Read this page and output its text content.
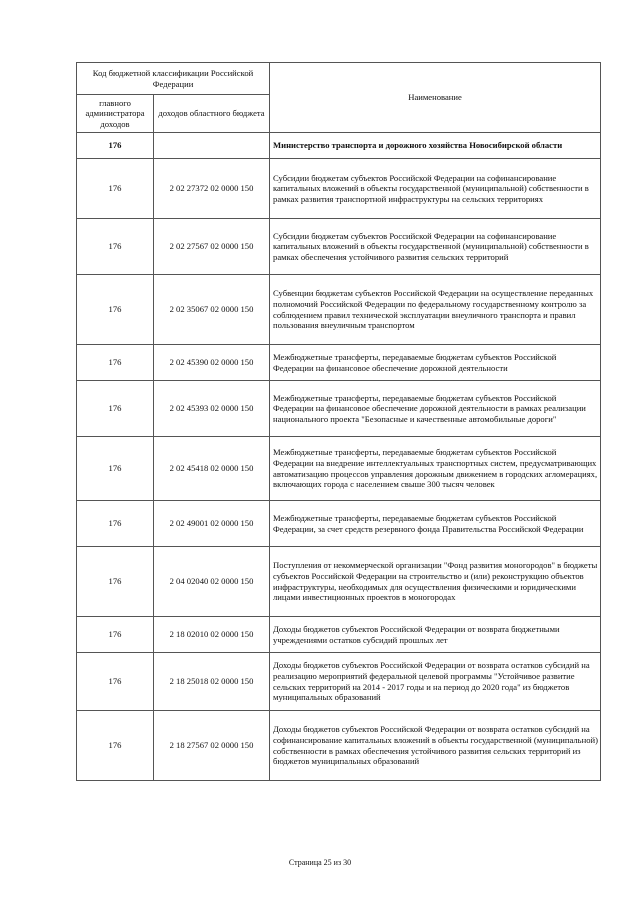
Код бюджетной классификации Российской Федерации		Наименование
главного администратора доходов	доходов областного бюджета	
176		Министерство транспорта и дорожного хозяйства Новосибирской области
176	2 02 27372 02 0000 150	Субсидии бюджетам субъектов Российской Федерации на софинансирование капитальных вложений в объекты государственной (муниципальной) собственности в рамках развития транспортной инфраструктуры на сельских территориях
176	2 02 27567 02 0000 150	Субсидии бюджетам субъектов Российской Федерации на софинансирование капитальных вложений в объекты государственной (муниципальной) собственности в рамках обеспечения устойчивого развития сельских территорий
176	2 02 35067 02 0000 150	Субвенции бюджетам субъектов Российской Федерации на осуществление переданных полномочий Российской Федерации по федеральному государственному контролю за соблюдением правил технической эксплуатации внеуличного транспорта и правил пользования внеуличным транспортом
176	2 02 45390 02 0000 150	Межбюджетные трансферты, передаваемые бюджетам субъектов Российской Федерации на финансовое обеспечение дорожной деятельности
176	2 02 45393 02 0000 150	Межбюджетные трансферты, передаваемые бюджетам субъектов Российской Федерации на финансовое обеспечение дорожной деятельности в рамках реализации национального проекта "Безопасные и качественные автомобильные дороги"
176	2 02 45418 02 0000 150	Межбюджетные трансферты, передаваемые бюджетам субъектов Российской Федерации на внедрение интеллектуальных транспортных систем, предусматривающих автоматизацию процессов управления дорожным движением в городских агломерациях, включающих города с населением свыше 300 тысяч человек
176	2 02 49001 02 0000 150	Межбюджетные трансферты, передаваемые бюджетам субъектов Российской Федерации, за счет средств резервного фонда Правительства Российской Федерации
176	2 04 02040 02 0000 150	Поступления от некоммерческой организации "Фонд развития моногородов" в бюджеты субъектов Российской Федерации на строительство и (или) реконструкцию объектов инфраструктуры, необходимых для осуществления физическими и юридическими лицами инвестиционных проектов в моногородах
176	2 18 02010 02 0000 150	Доходы бюджетов субъектов Российской Федерации от возврата бюджетными учреждениями остатков субсидий прошлых лет
176	2 18 25018 02 0000 150	Доходы бюджетов субъектов Российской Федерации от возврата остатков субсидий на реализацию мероприятий федеральной целевой программы "Устойчивое развитие сельских территорий на 2014 - 2017 годы и на период до 2020 года" из бюджетов муниципальных образований
176	2 18 27567 02 0000 150	Доходы бюджетов субъектов Российской Федерации от возврата остатков субсидий на софинансирование капитальных вложений в объекты государственной (муниципальной) собственности в рамках обеспечения устойчивого развития сельских территорий из бюджетов муниципальных образований
Страница 25 из 30
